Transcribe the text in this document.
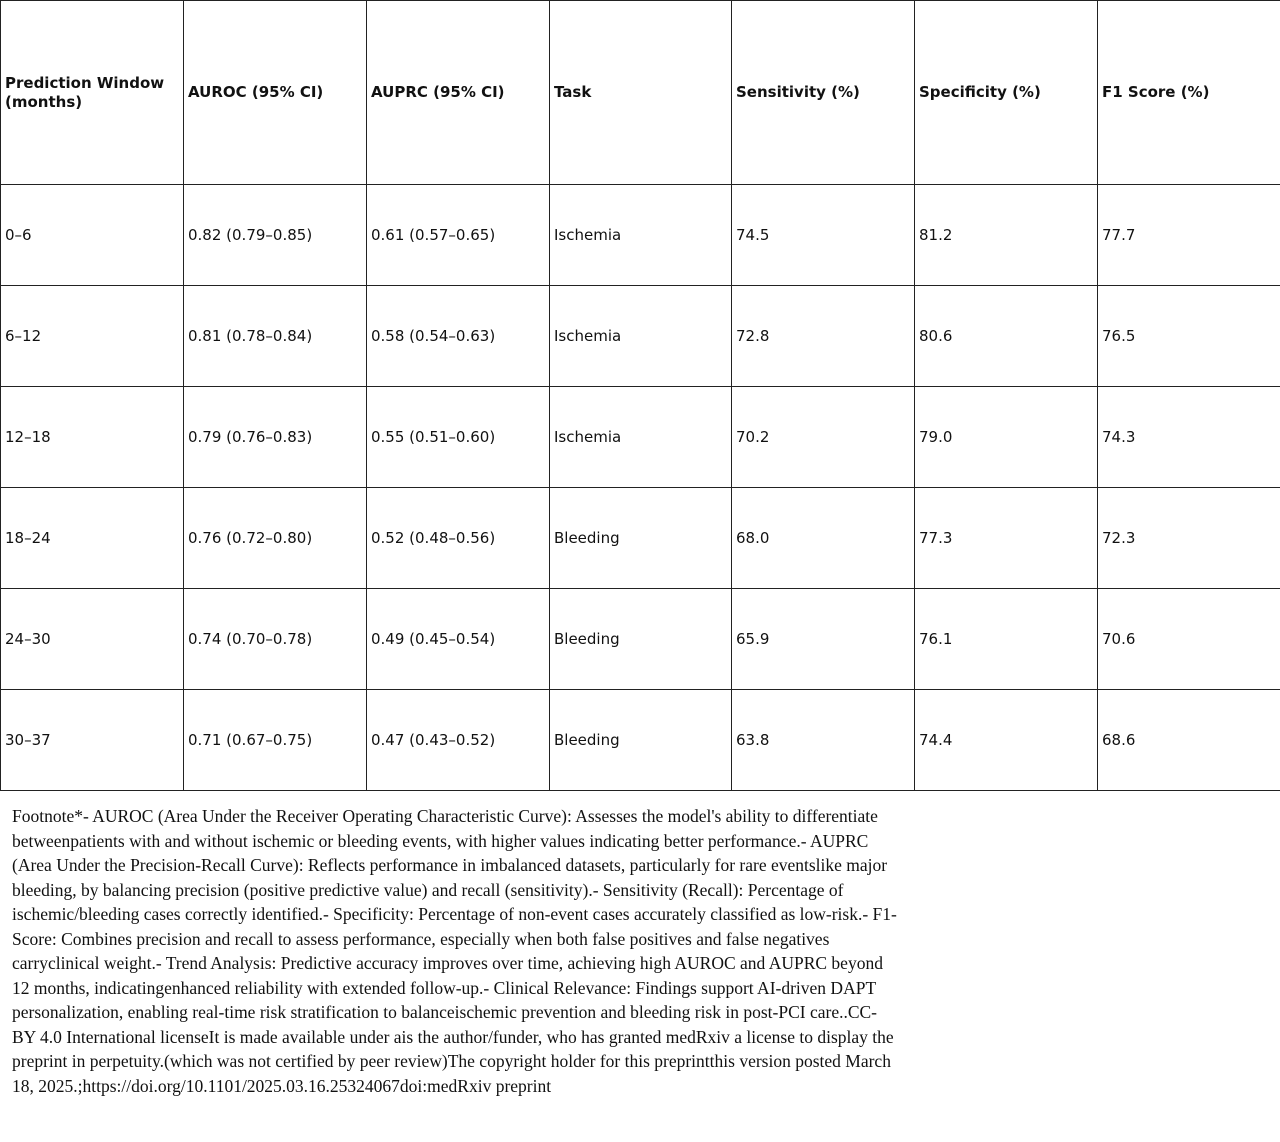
Prediction Window (months)	AUROC (95% CI)	AUPRC (95% CI)	Task	Sensitivity (%)	Specificity (%)	F1 Score (%)
0–6	0.82 (0.79–0.85)	0.61 (0.57–0.65)	Ischemia	74.5	81.2	77.7
6–12	0.81 (0.78–0.84)	0.58 (0.54–0.63)	Ischemia	72.8	80.6	76.5
12–18	0.79 (0.76–0.83)	0.55 (0.51–0.60)	Ischemia	70.2	79.0	74.3
18–24	0.76 (0.72–0.80)	0.52 (0.48–0.56)	Bleeding	68.0	77.3	72.3
24–30	0.74 (0.70–0.78)	0.49 (0.45–0.54)	Bleeding	65.9	76.1	70.6
30–37	0.71 (0.67–0.75)	0.47 (0.43–0.52)	Bleeding	63.8	74.4	68.6

Footnote*- AUROC (Area Under the Receiver Operating Characteristic Curve): Assesses the model's ability to differentiate betweenpatients with and without ischemic or bleeding events, with higher values indicating better performance.- AUPRC (Area Under the Precision-Recall Curve): Reflects performance in imbalanced datasets, particularly for rare eventslike major bleeding, by balancing precision (positive predictive value) and recall (sensitivity).- Sensitivity (Recall): Percentage of ischemic/bleeding cases correctly identified.- Specificity: Percentage of non-event cases accurately classified as low-risk.- F1-Score: Combines precision and recall to assess performance, especially when both false positives and false negatives carryclinical weight.- Trend Analysis: Predictive accuracy improves over time, achieving high AUROC and AUPRC beyond 12 months, indicatingenhanced reliability with extended follow-up.- Clinical Relevance: Findings support AI-driven DAPT personalization, enabling real-time risk stratification to balanceischemic prevention and bleeding risk in post-PCI care..CC-BY 4.0 International licenseIt is made available under ais the author/funder, who has granted medRxiv a license to display the preprint in perpetuity.(which was not certified by peer review)The copyright holder for this preprintthis version posted March 18, 2025.;https://doi.org/10.1101/2025.03.16.25324067doi:medRxiv preprint
